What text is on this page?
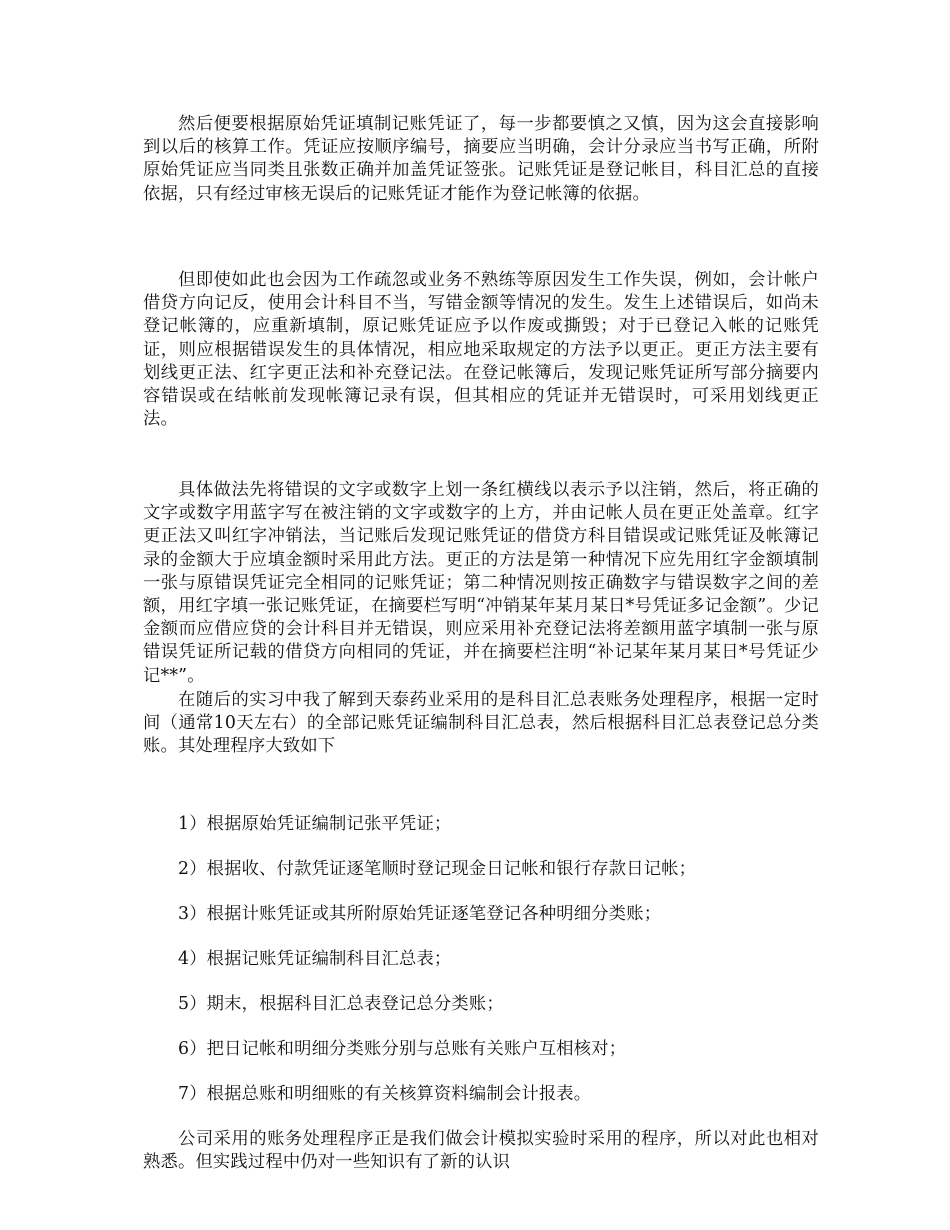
然后便要根据原始凭证填制记账凭证了，每一步都要慎之又慎，因为这会直接影响到以后的核算工作。凭证应按顺序编号，摘要应当明确，会计分录应当书写正确，所附原始凭证应当同类且张数正确并加盖凭证签张。记账凭证是登记帐目，科目汇总的直接依据，只有经过审核无误后的记账凭证才能作为登记帐簿的依据。

但即使如此也会因为工作疏忽或业务不熟练等原因发生工作失误，例如，会计帐户借贷方向记反，使用会计科目不当，写错金额等情况的发生。发生上述错误后，如尚未登记帐簿的，应重新填制，原记账凭证应予以作废或撕毁；对于已登记入帐的记账凭证，则应根据错误发生的具体情况，相应地采取规定的方法予以更正。更正方法主要有划线更正法、红字更正法和补充登记法。在登记帐簿后，发现记账凭证所写部分摘要内容错误或在结帐前发现帐簿记录有误，但其相应的凭证并无错误时，可采用划线更正法。

具体做法先将错误的文字或数字上划一条红横线以表示予以注销，然后，将正确的文字或数字用蓝字写在被注销的文字或数字的上方，并由记帐人员在更正处盖章。红字更正法又叫红字冲销法，当记账后发现记账凭证的借贷方科目错误或记账凭证及帐簿记录的金额大于应填金额时采用此方法。更正的方法是第一种情况下应先用红字金额填制一张与原错误凭证完全相同的记账凭证；第二种情况则按正确数字与错误数字之间的差额，用红字填一张记账凭证，在摘要栏写明“冲销某年某月某日*号凭证多记金额”。少记金额而应借应贷的会计科目并无错误，则应采用补充登记法将差额用蓝字填制一张与原错误凭证所记载的借贷方向相同的凭证，并在摘要栏注明“补记某年某月某日*号凭证少记**”。

在随后的实习中我了解到天泰药业采用的是科目汇总表账务处理程序，根据一定时间（通常10天左右）的全部记账凭证编制科目汇总表，然后根据科目汇总表登记总分类账。其处理程序大致如下

1）根据原始凭证编制记张平凭证；
2）根据收、付款凭证逐笔顺时登记现金日记帐和银行存款日记帐；
3）根据计账凭证或其所附原始凭证逐笔登记各种明细分类账；
4）根据记账凭证编制科目汇总表；
5）期末，根据科目汇总表登记总分类账；
6）把日记帐和明细分类账分别与总账有关账户互相核对；
7）根据总账和明细账的有关核算资料编制会计报表。

公司采用的账务处理程序正是我们做会计模拟实验时采用的程序，所以对此也相对熟悉。但实践过程中仍对一些知识有了新的认识
